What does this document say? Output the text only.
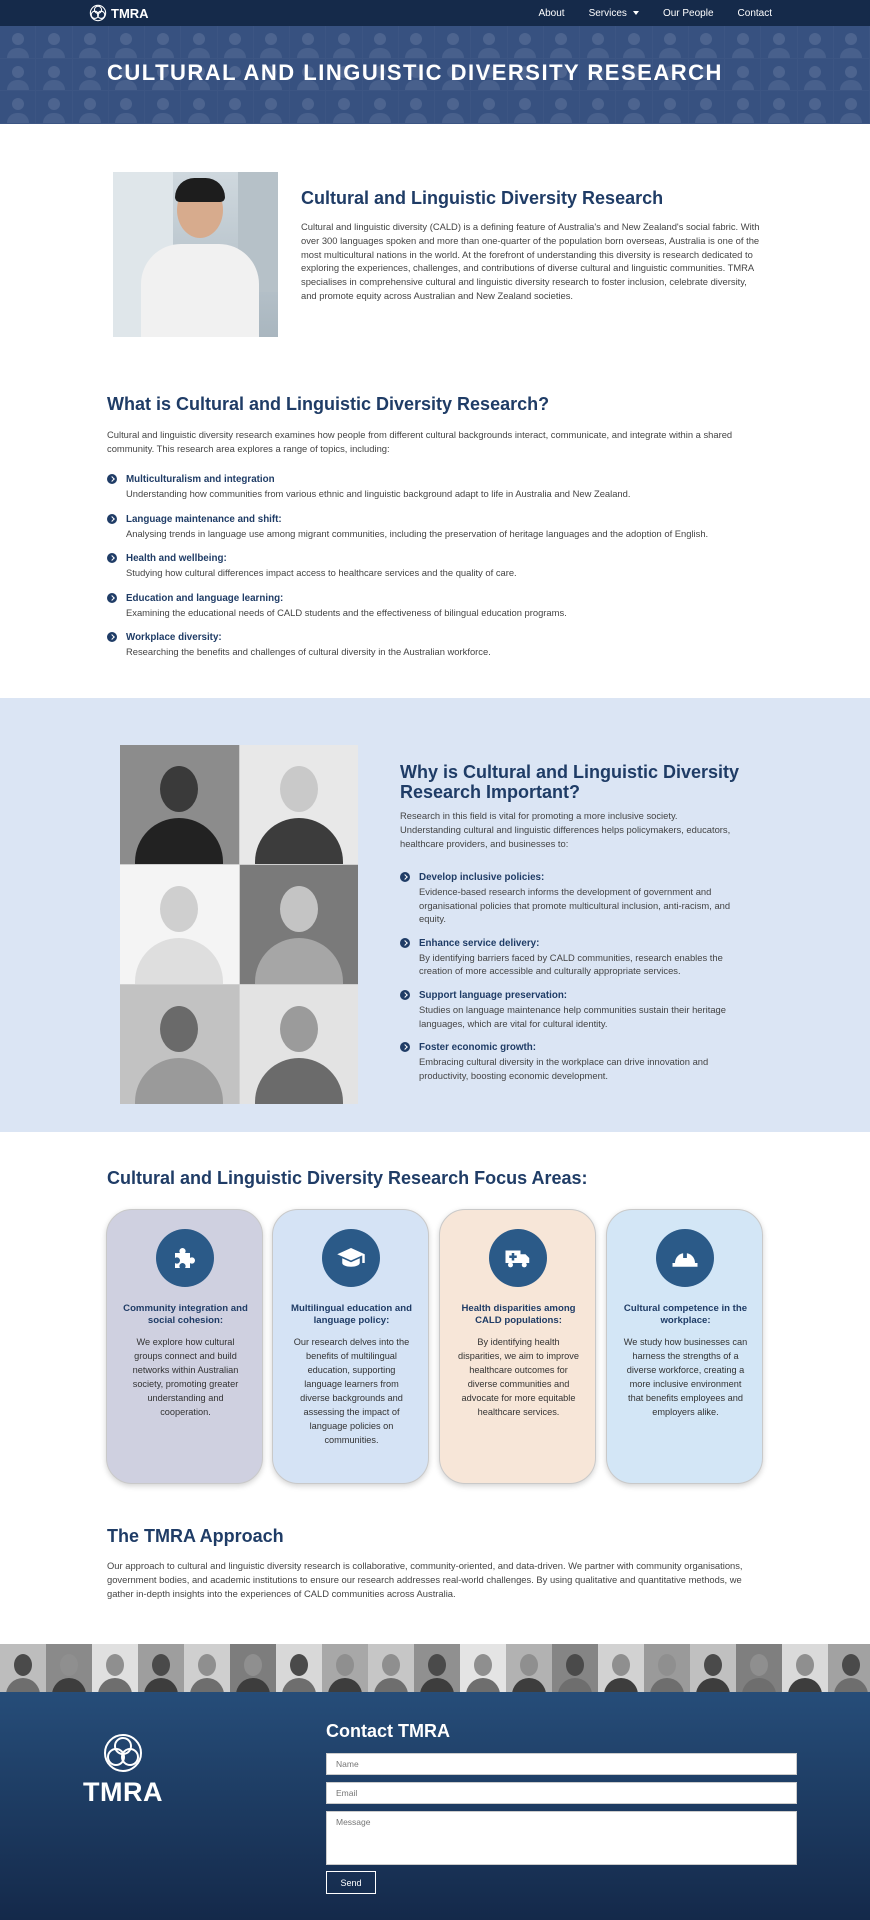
TMRA	About Services	Our People Contact
CULTURAL AND LINGUISTIC DIVERSITY RESEARCH
Cultural and Linguistic Diversity Research

Cultural and linguistic diversity (CALD) is a defining feature of Australia's and New Zealand's social fabric. With over 300 languages spoken and more than one-quarter of the population born overseas, Australia is one of the most multicultural nations in the world. At the forefront of understanding this diversity is research dedicated to exploring the experiences, challenges, and contributions of diverse cultural and linguistic communities. TMRA specialises in comprehensive cultural and linguistic diversity research to foster inclusion, celebrate diversity, and promote equity across Australian and New Zealand societies.

What is Cultural and Linguistic Diversity Research?

Cultural and linguistic diversity research examines how people from different cultural backgrounds interact, communicate, and integrate within a shared community. This research area explores a range of topics, including:

Multiculturalism and integration
Understanding how communities from various ethnic and linguistic background adapt to life in Australia and New Zealand.
Language maintenance and shift:
Analysing trends in language use among migrant communities, including the preservation of heritage languages and the adoption of English.
Health and wellbeing:
Studying how cultural differences impact access to healthcare services and the quality of care.
Education and language learning:
Examining the educational needs of CALD students and the effectiveness of bilingual education programs.
Workplace diversity:
Researching the benefits and challenges of cultural diversity in the Australian workforce.
Why is Cultural and Linguistic Diversity Research Important?

Research in this field is vital for promoting a more inclusive society. Understanding cultural and linguistic differences helps policymakers, educators, healthcare providers, and businesses to:

Develop inclusive policies:
Evidence-based research informs the development of government and organisational policies that promote multicultural inclusion, anti-racism, and equity.
Enhance service delivery:
By identifying barriers faced by CALD communities, research enables the creation of more accessible and culturally appropriate services.
Support language preservation:
Studies on language maintenance help communities sustain their heritage languages, which are vital for cultural identity.
Foster economic growth:
Embracing cultural diversity in the workplace can drive innovation and productivity, boosting economic development.
Cultural and Linguistic Diversity Research Focus Areas:
Community integration and social cohesion:
We explore how cultural groups connect and build networks within Australian society, promoting greater understanding and cooperation.
Multilingual education and language policy:
Our research delves into the benefits of multilingual education, supporting language learners from diverse backgrounds and assessing the impact of language policies on communities.
Health disparities among CALD populations:
By identifying health disparities, we aim to improve healthcare outcomes for diverse communities and advocate for more equitable healthcare services.
Cultural competence in the workplace:
We study how businesses can harness the strengths of a diverse workforce, creating a more inclusive environment that benefits employees and employers alike.
The TMRA Approach

Our approach to cultural and linguistic diversity research is collaborative, community-oriented, and data-driven. We partner with community organisations, government bodies, and academic institutions to ensure our research addresses real-world challenges. By using qualitative and quantitative methods, we gather in-depth insights into the experiences of CALD communities across Australia.

TMRA
Contact TMRA
Name
Email
Message
Send
